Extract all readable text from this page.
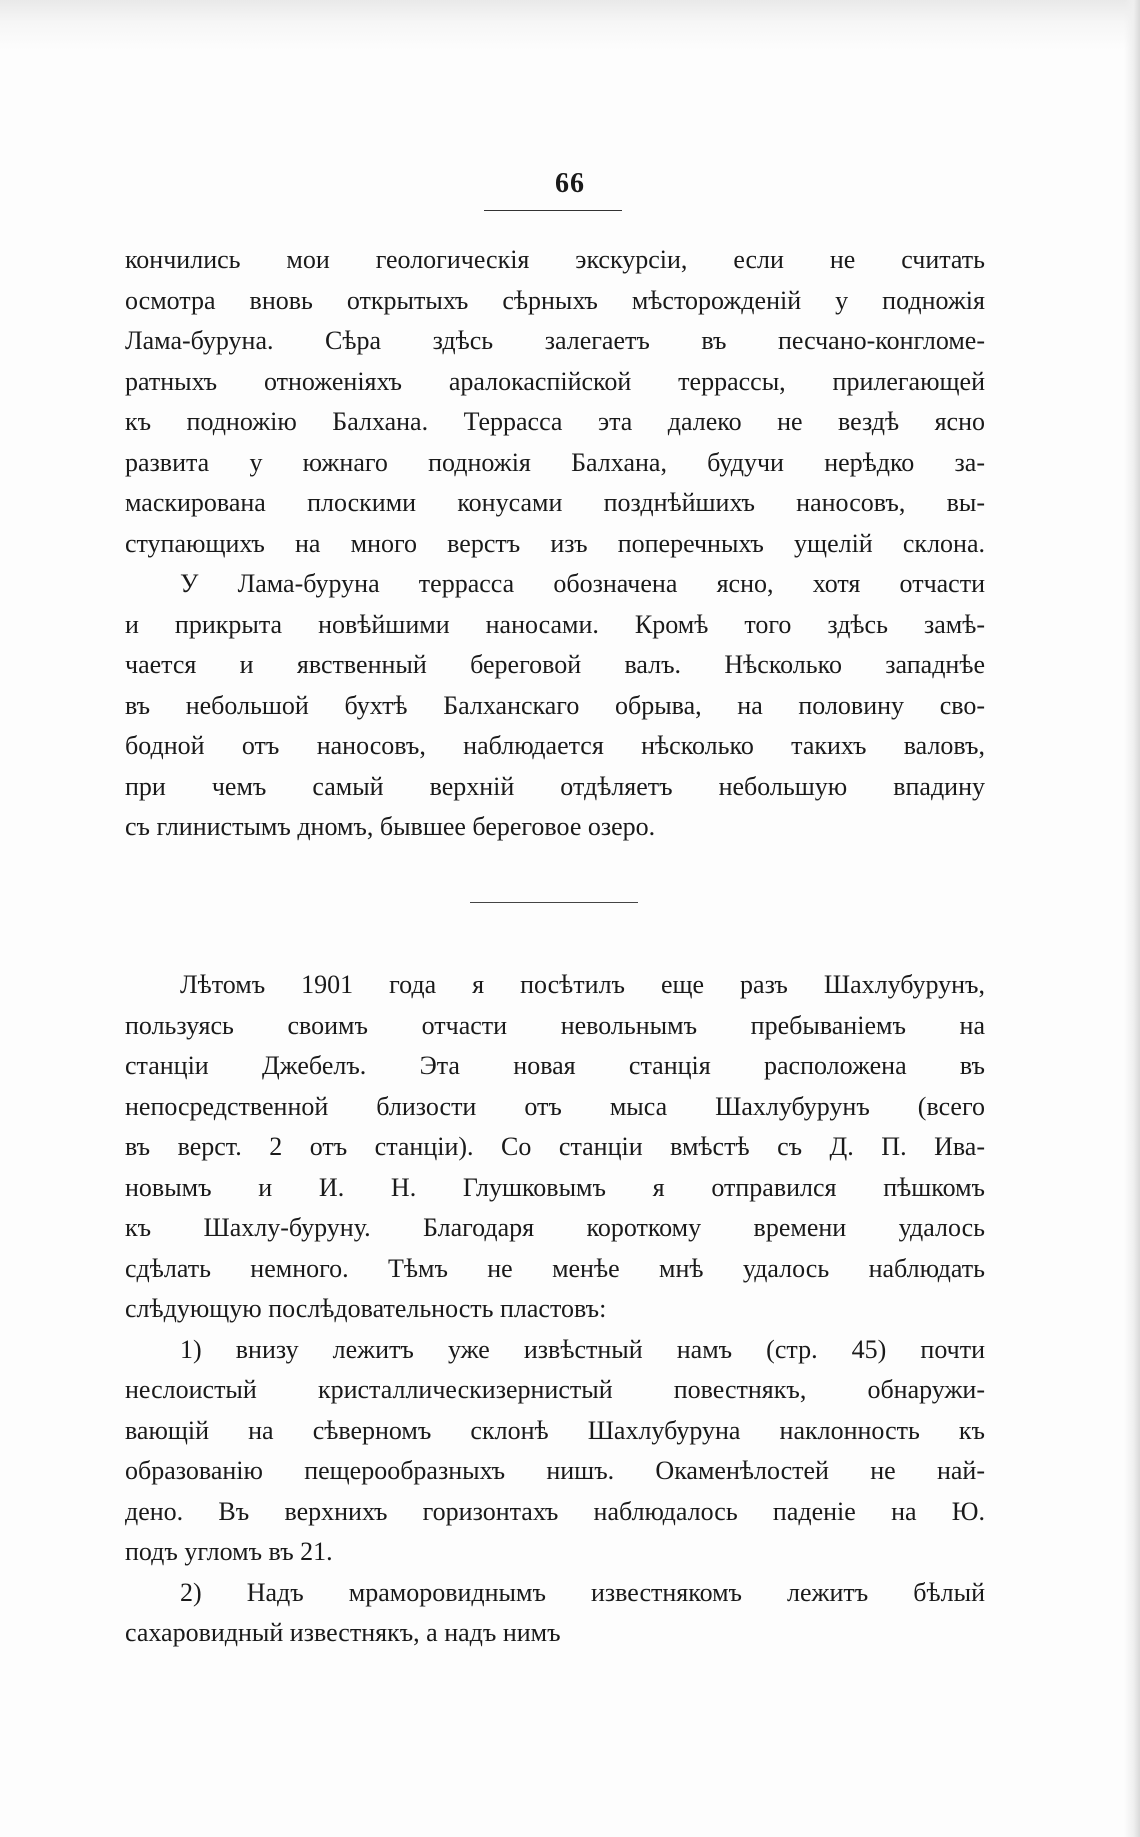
66

кончились мои геологическія экскурсіи, если не считать
осмотра вновь открытыхъ сѣрныхъ мѣсторожденій у подножія
Лама-буруна. Сѣра здѣсь залегаетъ въ песчано-конгломе-
ратныхъ отноженіяхъ аралокаспійской террассы, прилегающей
къ подножію Балхана. Террасса эта далеко не вездѣ ясно
развита у южнаго подножія Балхана, будучи нерѣдко за-
маскирована плоскими конусами позднѣйшихъ наносовъ, вы-
ступающихъ на много верстъ изъ поперечныхъ ущелій склона.

У Лама-буруна террасса обозначена ясно, хотя отчасти
и прикрыта новѣйшими наносами. Кромѣ того здѣсь замѣ-
чается и явственный береговой валъ. Нѣсколько западнѣе
въ небольшой бухтѣ Балханскаго обрыва, на половину сво-
бодной отъ наносовъ, наблюдается нѣсколько такихъ валовъ,
при чемъ самый верхній отдѣляетъ небольшую впадину
съ глинистымъ дномъ, бывшее береговое озеро.

Лѣтомъ 1901 года я посѣтилъ еще разъ Шахлубурунъ,
пользуясь своимъ отчасти невольнымъ пребываніемъ на
станціи Джебелъ. Эта новая станція расположена въ
непосредственной близости отъ мыса Шахлубурунъ (всего
въ верст. 2 отъ станціи). Со станціи вмѣстѣ съ Д. П. Ива-
новымъ и И. Н. Глушковымъ я отправился пѣшкомъ
къ Шахлу-буруну. Благодаря короткому времени удалось
сдѣлать немного. Тѣмъ не менѣе мнѣ удалось наблюдать
слѣдующую послѣдовательность пластовъ:

1) внизу лежитъ уже извѣстный намъ (стр. 45) почти
неслоистый кристаллическизернистый повестнякъ, обнаружи-
вающій на сѣверномъ склонѣ Шахлубуруна наклонность къ
образованію пещерообразныхъ нишъ. Окаменѣлостей не най-
дено. Въ верхнихъ горизонтахъ наблюдалось паденіе на Ю.
подъ угломъ въ 21.

2) Надъ мраморовиднымъ известнякомъ лежитъ бѣлый
сахаровидный известнякъ, а надъ нимъ
